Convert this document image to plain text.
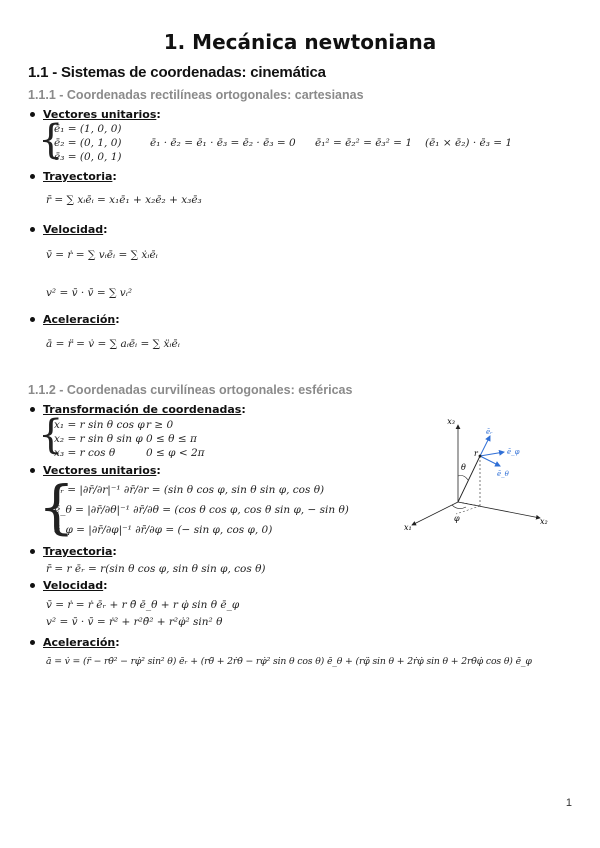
1. Mecánica newtoniana
1.1 - Sistemas de coordenadas: cinemática
1.1.1 - Coordenadas rectilíneas ortogonales: cartesianas
Vectores unitarios:
{
ē₁ = (1, 0, 0)
ē₂ = (0, 1, 0)
ē₃ = (0, 0, 1)
ē₁ · ē₂ = ē₁ · ē₃ = ē₂ · ē₃ = 0 ē₁² = ē₂² = ē₃² = 1 (ē₁ × ē₂) · ē₃ = 1
Trayectoria:
r̄ = ∑ xᵢēᵢ = x₁ē₁ + x₂ē₂ + x₃ē₃
Velocidad:
v̄ = ṙ = ∑ vᵢēᵢ = ∑ ẋᵢēᵢ
v² = v̄ · v̄ = ∑ vᵢ²
Aceleración:
ā = r̈ = v̇ = ∑ aᵢēᵢ = ∑ ẍᵢēᵢ
1.1.2 - Coordenadas curvilíneas ortogonales: esféricas
Transformación de coordenadas:
{
x₁ = r sin θ cos φ
x₂ = r sin θ sin φ
x₃ = r cos θ
r ≥ 0
0 ≤ θ ≤ π
0 ≤ φ < 2π
Vectores unitarios:
{
ēᵣ = |∂r̄/∂r|⁻¹ ∂r̄/∂r = (sin θ cos φ, sin θ sin φ, cos θ)
ē_θ = |∂r̄/∂θ|⁻¹ ∂r̄/∂θ = (cos θ cos φ, cos θ sin φ, − sin θ)
ē_φ = |∂r̄/∂φ|⁻¹ ∂r̄/∂φ = (− sin φ, cos φ, 0)
Trayectoria:
r̄ = r ēᵣ = r(sin θ cos φ, sin θ sin φ, cos θ)
Velocidad:
v̄ = ṙ = ṙ ēᵣ + r θ̇ ē_θ + r φ̇ sin θ ē_φ
v² = v̄ · v̄ = ṙ² + r²θ̇² + r²φ̇² sin² θ
Aceleración:
ā = v̇ = (r̈ − rθ̇² − rφ̇² sin² θ) ēᵣ + (rθ̈ + 2ṙθ̇ − rφ̇² sin θ cos θ) ē_θ + (rφ̈ sin θ + 2ṙφ̇ sin θ + 2rθ̇φ̇ cos θ) ē_φ
x₃
x₂
x₁
θ
φ
r
ēᵣ
ē_θ
ē_φ
1
